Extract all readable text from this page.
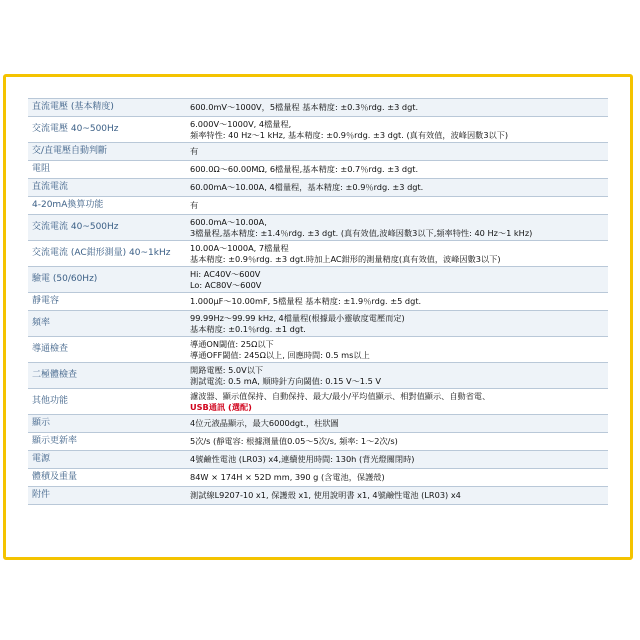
直流電壓 (基本精度)	600.0mV～1000V，5檔量程 基本精度: ±0.3％rdg. ±3 dgt.

交流電壓 40~500Hz	6.000V～1000V, 4檔量程,
頻率特性: 40 Hz～1 kHz, 基本精度: ±0.9％rdg. ±3 dgt. (真有效值，波峰因數3以下)

交/直電壓自動判斷	有

電阻	600.0Ω～60.00MΩ, 6檔量程,基本精度: ±0.7％rdg. ±3 dgt.

直流電流	60.00mA～10.00A, 4檔量程，基本精度: ±0.9％rdg. ±3 dgt.

4-20mA換算功能	有

交流電流 40~500Hz	600.0mA～10.00A,
3檔量程,基本精度: ±1.4％rdg. ±3 dgt. (真有效值,波峰因數3以下,頻率特性: 40 Hz～1 kHz)

交流電流 (AC鉗形測量) 40~1kHz	10.00A～1000A, 7檔量程
基本精度: ±0.9％rdg. ±3 dgt.時加上AC鉗形的測量精度(真有效值，波峰因數3以下)

驗電 (50/60Hz)	Hi: AC40V～600V
Lo: AC80V～600V

靜電容	1.000μF～10.00mF, 5檔量程 基本精度: ±1.9％rdg. ±5 dgt.

頻率	99.99Hz～99.99 kHz, 4檔量程(根據最小靈敏度電壓而定)
基本精度: ±0.1％rdg. ±1 dgt.

導通檢查	導通ON閾值: 25Ω以下
導通OFF閾值: 245Ω以上, 回應時間: 0.5 ms以上

二極體檢查	開路電壓: 5.0V以下
測試電流: 0.5 mA, 順時針方向閾值: 0.15 V～1.5 V

其他功能	濾波器、顯示值保持、自動保持、最大/最小/平均值顯示、相對值顯示、自動省電、
USB通訊 (選配)

顯示	4位元液晶顯示，最大6000dgt.，柱狀圖

顯示更新率	5次/s (靜電容: 根據測量值0.05～5次/s, 頻率: 1～2次/s)

電源	4號鹼性電池 (LR03) x4,連續使用時間: 130h (背光燈關閉時)

體積及重量	84W × 174H × 52D mm, 390 g (含電池，保護殼)

附件	測試線L9207-10 x1, 保護殼 x1, 使用說明書 x1, 4號鹼性電池 (LR03) x4
